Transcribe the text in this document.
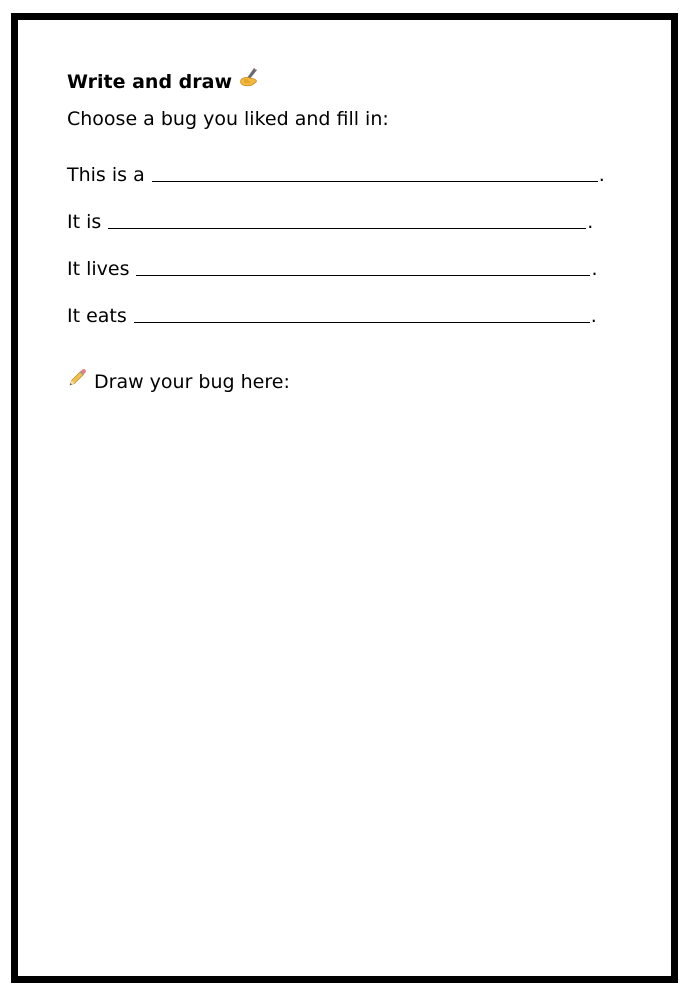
Write and draw
Choose a bug you liked and fill in:
This is a	.
It is	.
It lives	.
It eats	.
Draw your bug here:
